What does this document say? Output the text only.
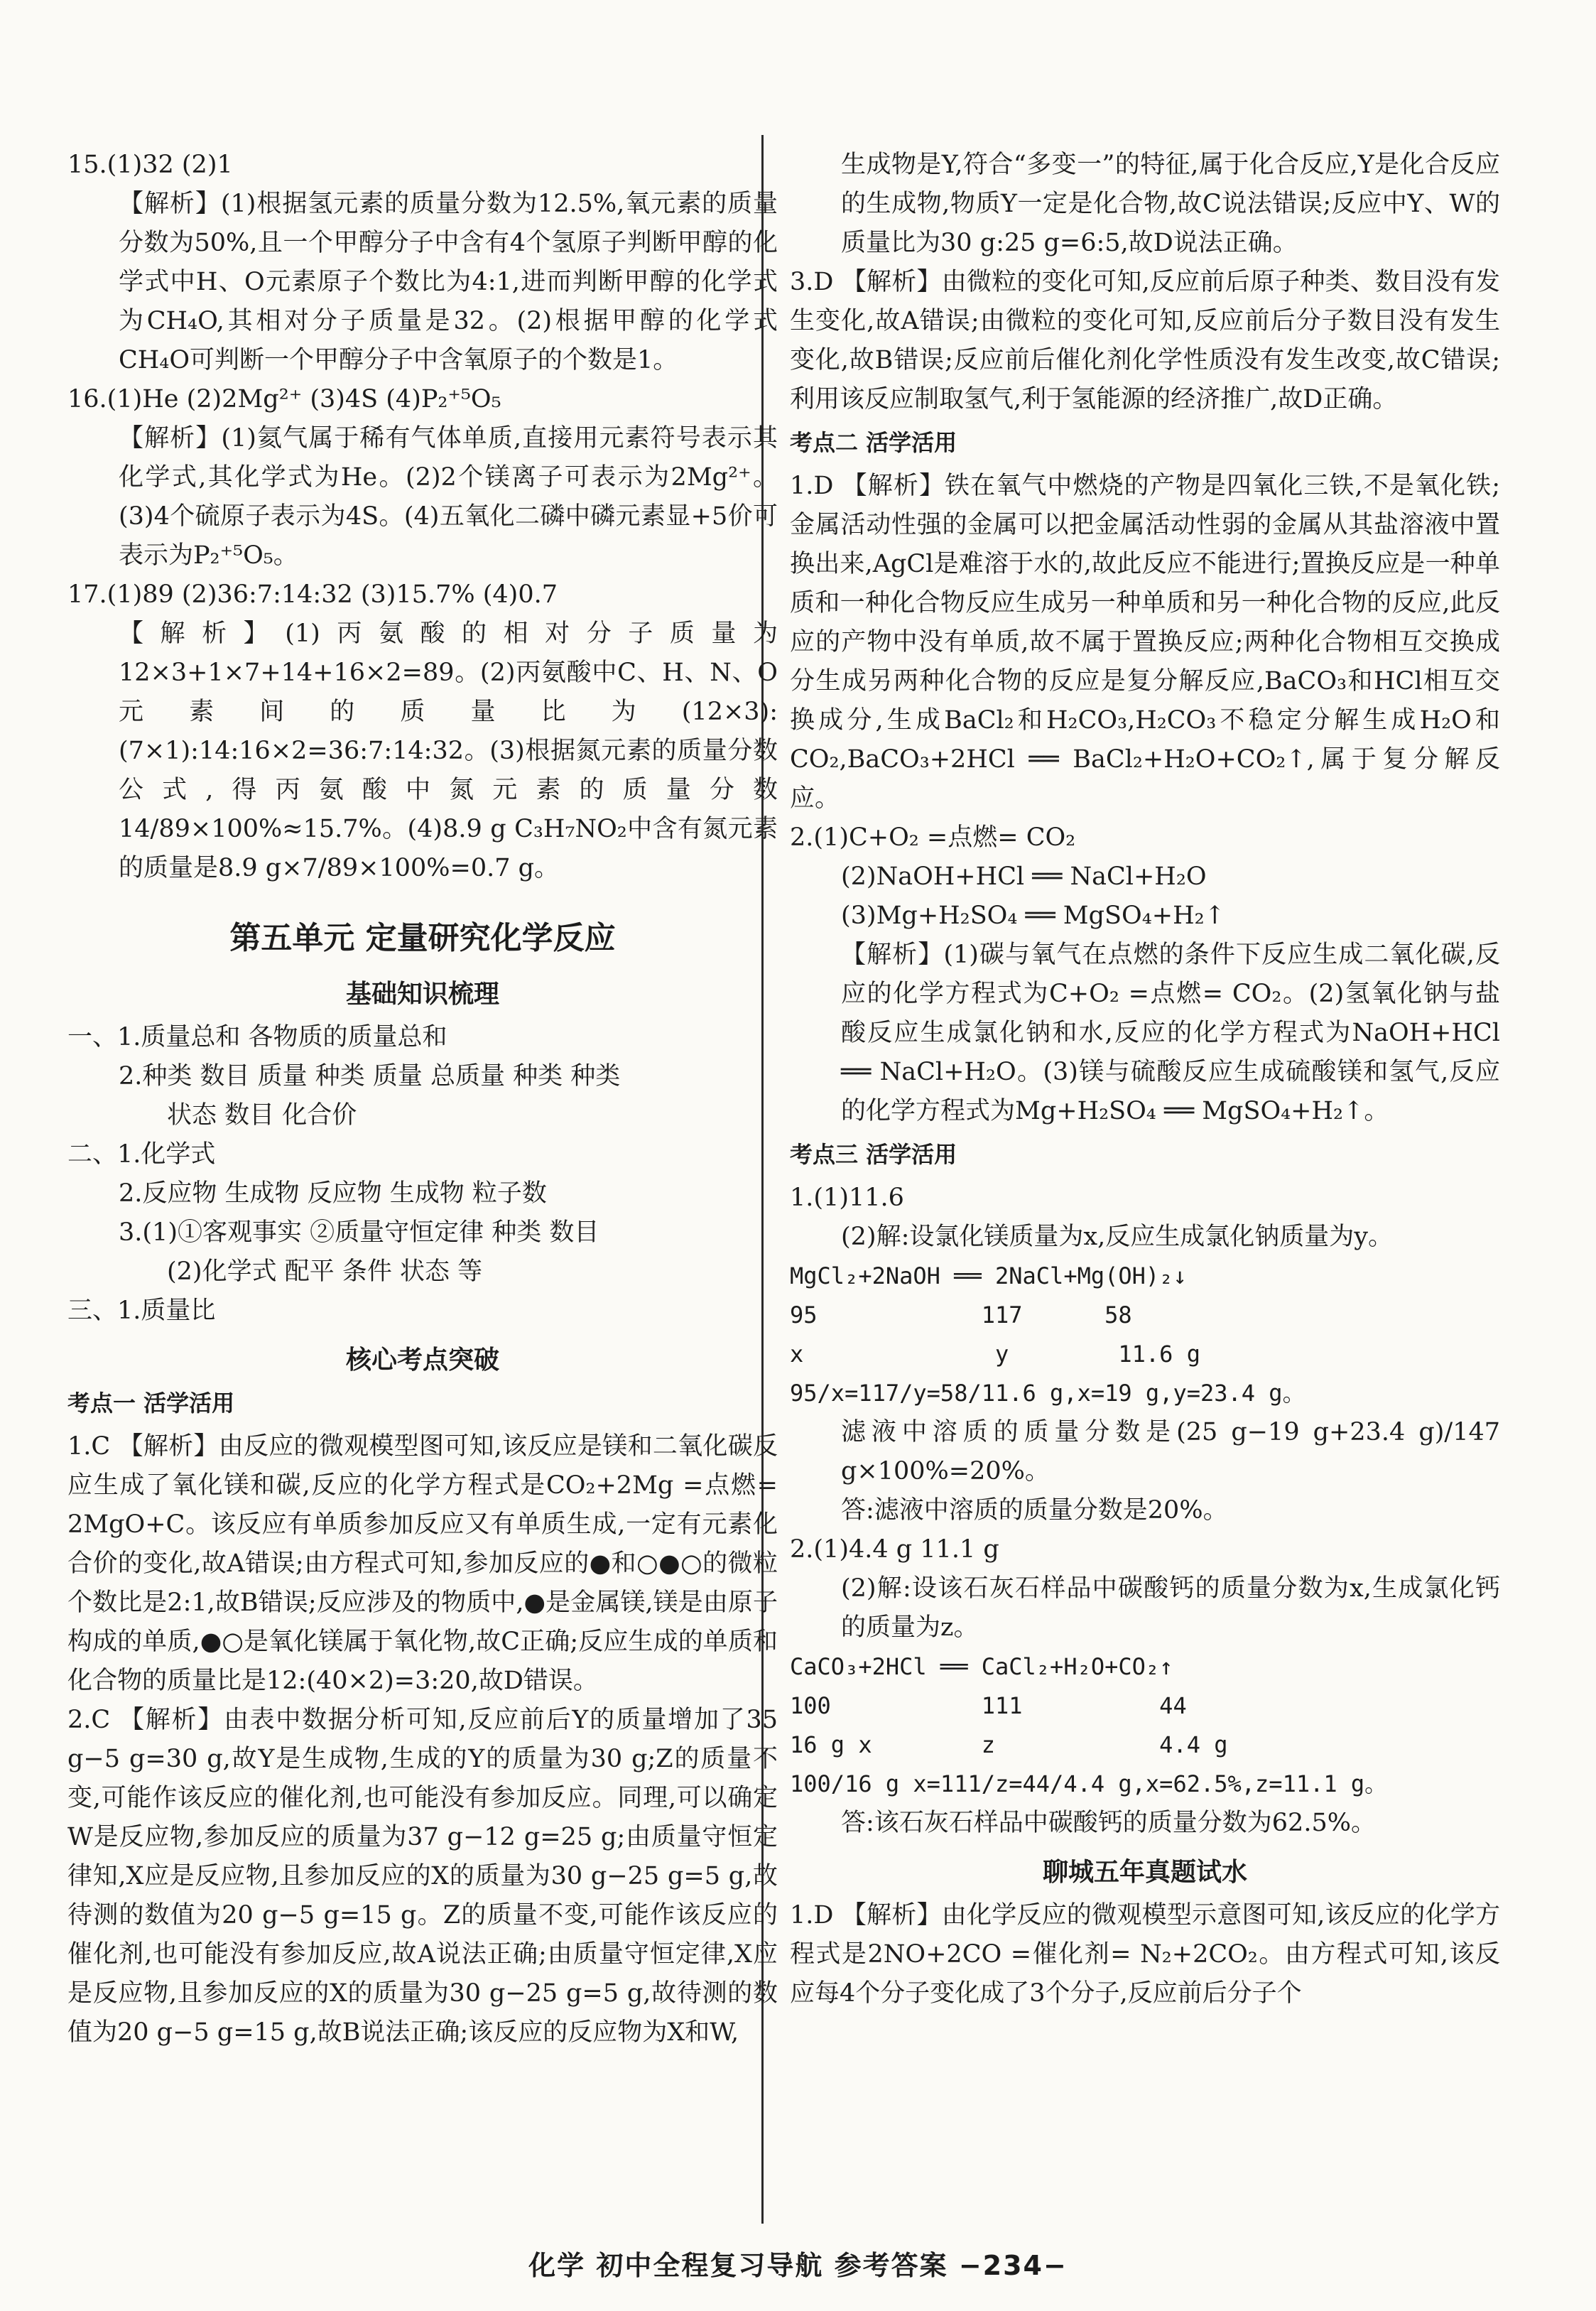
15.(1)32 (2)1

【解析】(1)根据氢元素的质量分数为12.5%,氧元素的质量分数为50%,且一个甲醇分子中含有4个氢原子判断甲醇的化学式中H、O元素原子个数比为4:1,进而判断甲醇的化学式为CH₄O,其相对分子质量是32。(2)根据甲醇的化学式CH₄O可判断一个甲醇分子中含氧原子的个数是1。

16.(1)He (2)2Mg²⁺ (3)4S (4)P₂⁺⁵O₅

【解析】(1)氦气属于稀有气体单质,直接用元素符号表示其化学式,其化学式为He。(2)2个镁离子可表示为2Mg²⁺。(3)4个硫原子表示为4S。(4)五氧化二磷中磷元素显+5价可表示为P₂⁺⁵O₅。

17.(1)89 (2)36:7:14:32 (3)15.7% (4)0.7

【解析】(1)丙氨酸的相对分子质量为12×3+1×7+14+16×2=89。(2)丙氨酸中C、H、N、O元素间的质量比为(12×3):(7×1):14:16×2=36:7:14:32。(3)根据氮元素的质量分数公式,得丙氨酸中氮元素的质量分数14/89×100%≈15.7%。(4)8.9 g C₃H₇NO₂中含有氮元素的质量是8.9 g×7/89×100%=0.7 g。

第五单元 定量研究化学反应
基础知识梳理

一、1.质量总和 各物质的质量总和

2.种类 数目 质量 种类 质量 总质量 种类 种类

状态 数目 化合价

二、1.化学式

2.反应物 生成物 反应物 生成物 粒子数

3.(1)①客观事实 ②质量守恒定律 种类 数目

(2)化学式 配平 条件 状态 等

三、1.质量比

核心考点突破
考点一 活学活用

1.C 【解析】由反应的微观模型图可知,该反应是镁和二氧化碳反应生成了氧化镁和碳,反应的化学方程式是CO₂+2Mg =点燃= 2MgO+C。该反应有单质参加反应又有单质生成,一定有元素化合价的变化,故A错误;由方程式可知,参加反应的●和○●○的微粒个数比是2:1,故B错误;反应涉及的物质中,●是金属镁,镁是由原子构成的单质,●○是氧化镁属于氧化物,故C正确;反应生成的单质和化合物的质量比是12:(40×2)=3:20,故D错误。

2.C 【解析】由表中数据分析可知,反应前后Y的质量增加了35 g−5 g=30 g,故Y是生成物,生成的Y的质量为30 g;Z的质量不变,可能作该反应的催化剂,也可能没有参加反应。同理,可以确定W是反应物,参加反应的质量为37 g−12 g=25 g;由质量守恒定律知,X应是反应物,且参加反应的X的质量为30 g−25 g=5 g,故待测的数值为20 g−5 g=15 g。Z的质量不变,可能作该反应的催化剂,也可能没有参加反应,故A说法正确;由质量守恒定律,X应是反应物,且参加反应的X的质量为30 g−25 g=5 g,故待测的数值为20 g−5 g=15 g,故B说法正确;该反应的反应物为X和W,

生成物是Y,符合“多变一”的特征,属于化合反应,Y是化合反应的生成物,物质Y一定是化合物,故C说法错误;反应中Y、W的质量比为30 g:25 g=6:5,故D说法正确。

3.D 【解析】由微粒的变化可知,反应前后原子种类、数目没有发生变化,故A错误;由微粒的变化可知,反应前后分子数目没有发生变化,故B错误;反应前后催化剂化学性质没有发生改变,故C错误;利用该反应制取氢气,利于氢能源的经济推广,故D正确。

考点二 活学活用

1.D 【解析】铁在氧气中燃烧的产物是四氧化三铁,不是氧化铁;金属活动性强的金属可以把金属活动性弱的金属从其盐溶液中置换出来,AgCl是难溶于水的,故此反应不能进行;置换反应是一种单质和一种化合物反应生成另一种单质和另一种化合物的反应,此反应的产物中没有单质,故不属于置换反应;两种化合物相互交换成分生成另两种化合物的反应是复分解反应,BaCO₃和HCl相互交换成分,生成BaCl₂和H₂CO₃,H₂CO₃不稳定分解生成H₂O和CO₂,BaCO₃+2HCl ══ BaCl₂+H₂O+CO₂↑,属于复分解反应。

2.(1)C+O₂ =点燃= CO₂

(2)NaOH+HCl ══ NaCl+H₂O

(3)Mg+H₂SO₄ ══ MgSO₄+H₂↑

【解析】(1)碳与氧气在点燃的条件下反应生成二氧化碳,反应的化学方程式为C+O₂ =点燃= CO₂。(2)氢氧化钠与盐酸反应生成氯化钠和水,反应的化学方程式为NaOH+HCl ══ NaCl+H₂O。(3)镁与硫酸反应生成硫酸镁和氢气,反应的化学方程式为Mg+H₂SO₄ ══ MgSO₄+H₂↑。

考点三 活学活用

1.(1)11.6

(2)解:设氯化镁质量为x,反应生成氯化钠质量为y。

MgCl₂+2NaOH ══ 2NaCl+Mg(OH)₂↓

95            117      58

x              y        11.6 g

95/x=117/y=58/11.6 g,x=19 g,y=23.4 g。

滤液中溶质的质量分数是(25 g−19 g+23.4 g)/147 g×100%=20%。

答:滤液中溶质的质量分数是20%。

2.(1)4.4 g 11.1 g

(2)解:设该石灰石样品中碳酸钙的质量分数为x,生成氯化钙的质量为z。

CaCO₃+2HCl ══ CaCl₂+H₂O+CO₂↑

100           111          44

16 g x        z            4.4 g

100/16 g x=111/z=44/4.4 g,x=62.5%,z=11.1 g。

答:该石灰石样品中碳酸钙的质量分数为62.5%。

聊城五年真题试水

1.D 【解析】由化学反应的微观模型示意图可知,该反应的化学方程式是2NO+2CO =催化剂= N₂+2CO₂。由方程式可知,该反应每4个分子变化成了3个分子,反应前后分子个

化学 初中全程复习导航 参考答案 −234−
